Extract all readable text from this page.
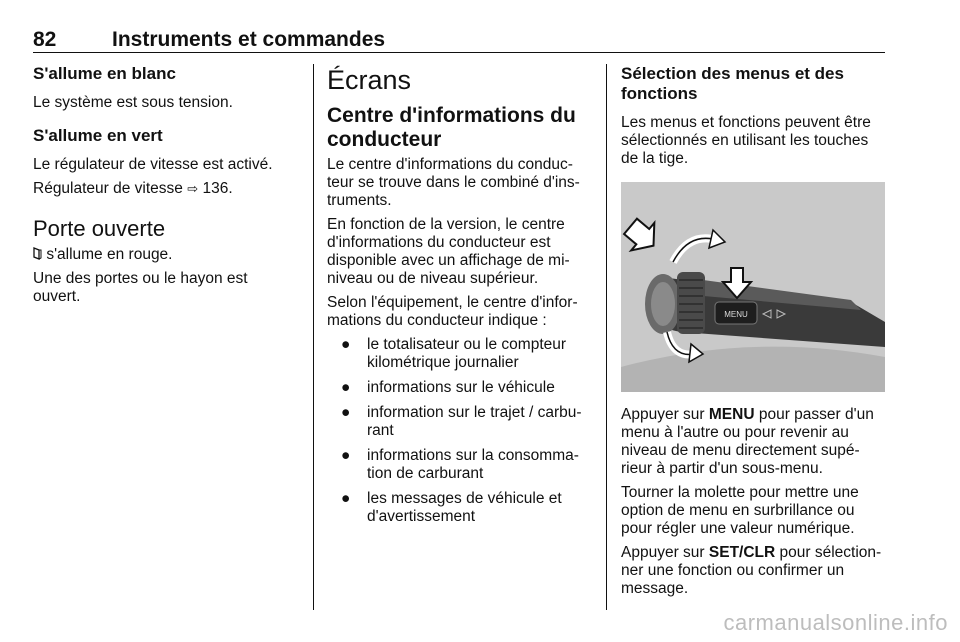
82	Instruments et commandes
S'allume en blanc

Le système est sous tension.

S'allume en vert

Le régulateur de vitesse est activé.

Régulateur de vitesse ⇨ 136.

Porte ouverte

s'allume en rouge.

Une des portes ou le hayon est

ouvert.

Écrans
Centre d'informations du
conducteur

Le centre d'informations du conduc-

teur se trouve dans le combiné d'ins-

truments.

En fonction de la version, le centre

d'informations du conducteur est

disponible avec un affichage de mi-

niveau ou de niveau supérieur.

Selon l'équipement, le centre d'infor-

mations du conducteur indique :

● le totalisateur ou le compteur
kilométrique journalier
● informations sur le véhicule
● information sur le trajet / carbu-
rant
● informations sur la consomma-
tion de carburant
● les messages de véhicule et
d'avertissement
Sélection des menus et des
fonctions

Les menus et fonctions peuvent être

sélectionnés en utilisant les touches

de la tige.

MENU

Appuyer sur MENU pour passer d'un

menu à l'autre ou pour revenir au

niveau de menu directement supé-

rieur à partir d'un sous-menu.

Tourner la molette pour mettre une

option de menu en surbrillance ou

pour régler une valeur numérique.

Appuyer sur SET/CLR pour sélection-

ner une fonction ou confirmer un

message.

carmanualsonline.info
